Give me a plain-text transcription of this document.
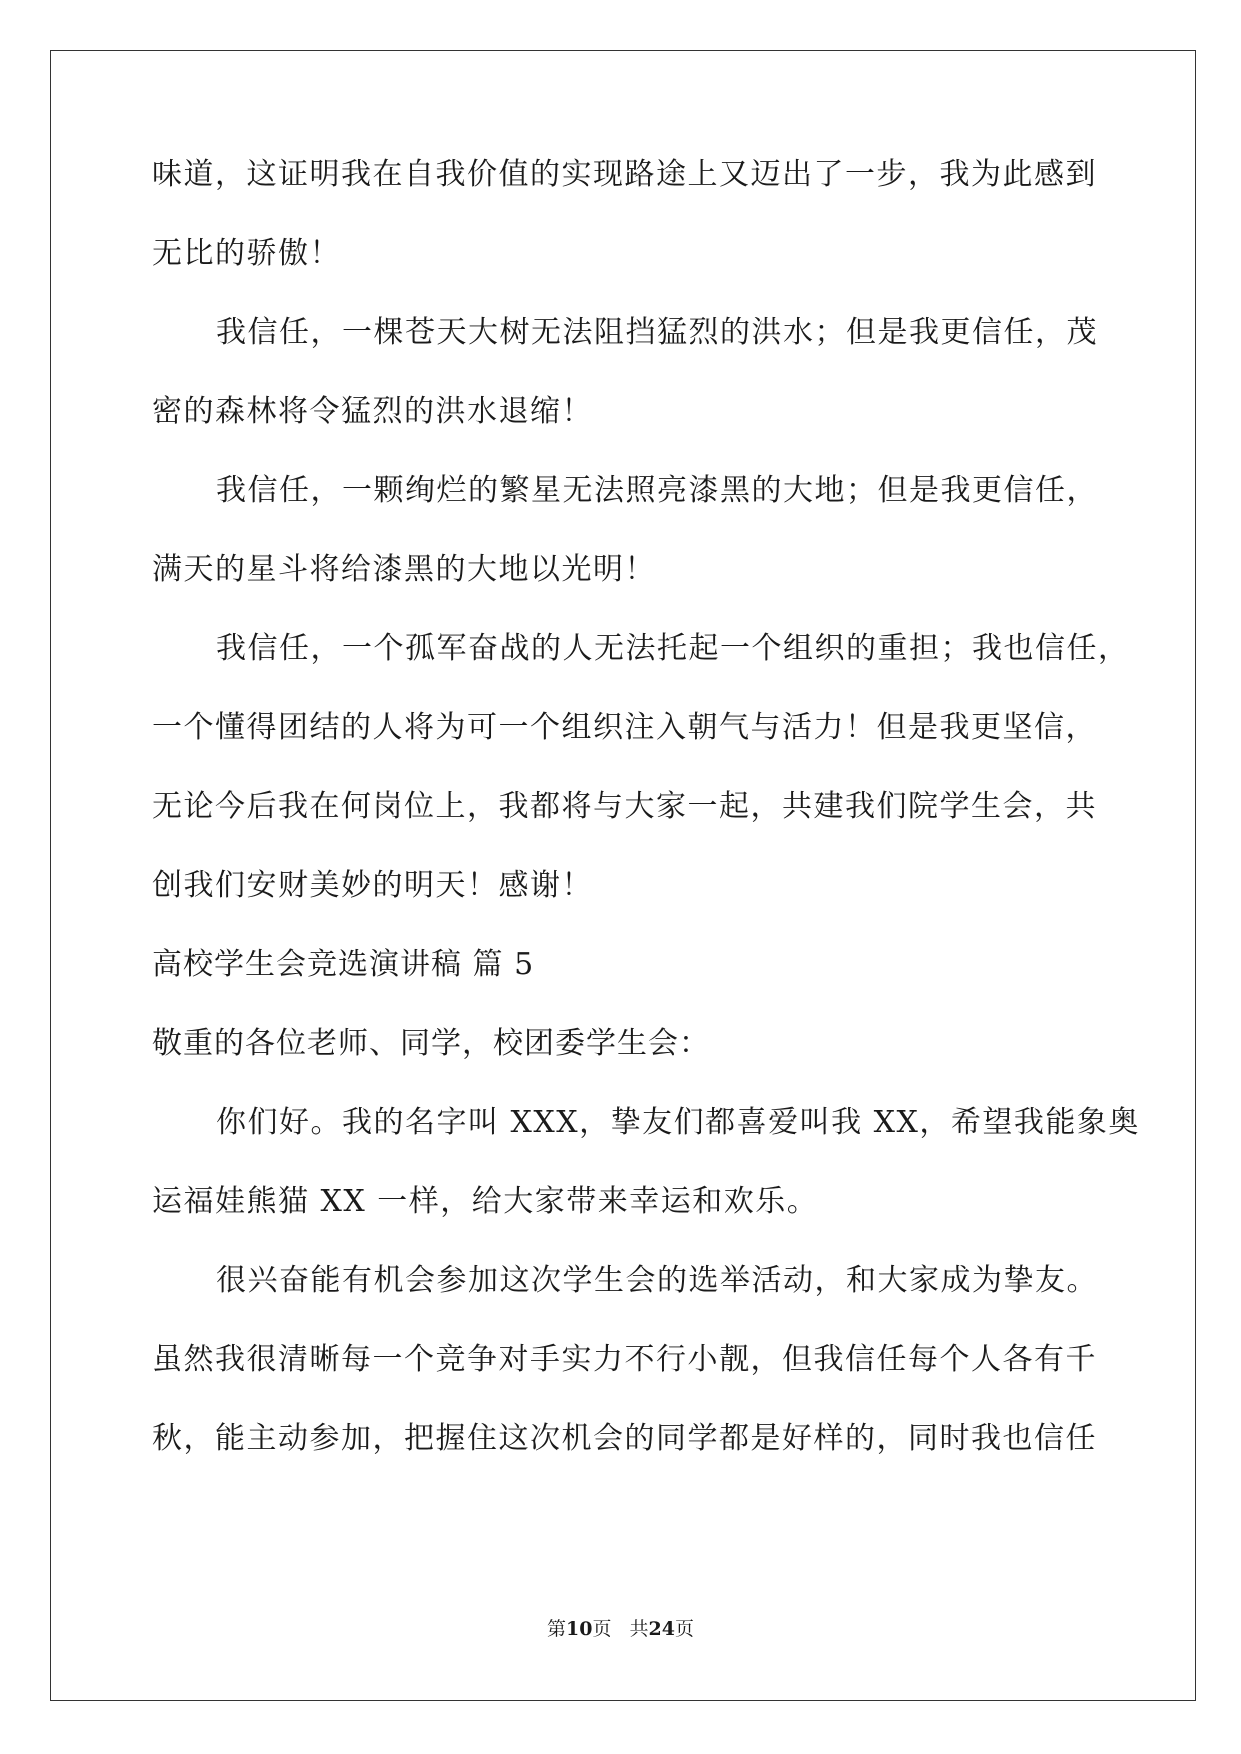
味道，这证明我在自我价值的实现路途上又迈出了一步，我为此感到
无比的骄傲！
我信任，一棵苍天大树无法阻挡猛烈的洪水；但是我更信任，茂
密的森林将令猛烈的洪水退缩！
我信任，一颗绚烂的繁星无法照亮漆黑的大地；但是我更信任，
满天的星斗将给漆黑的大地以光明！
我信任，一个孤军奋战的人无法托起一个组织的重担；我也信任，
一个懂得团结的人将为可一个组织注入朝气与活力！但是我更坚信，
无论今后我在何岗位上，我都将与大家一起，共建我们院学生会，共
创我们安财美妙的明天！感谢！
高校学生会竞选演讲稿 篇 5
敬重的各位老师、同学，校团委学生会：
你们好。我的名字叫 XXX，挚友们都喜爱叫我 XX，希望我能象奥
运福娃熊猫 XX 一样，给大家带来幸运和欢乐。
很兴奋能有机会参加这次学生会的选举活动，和大家成为挚友。
虽然我很清晰每一个竞争对手实力不行小靓，但我信任每个人各有千
秋，能主动参加，把握住这次机会的同学都是好样的，同时我也信任
第10页 共24页
